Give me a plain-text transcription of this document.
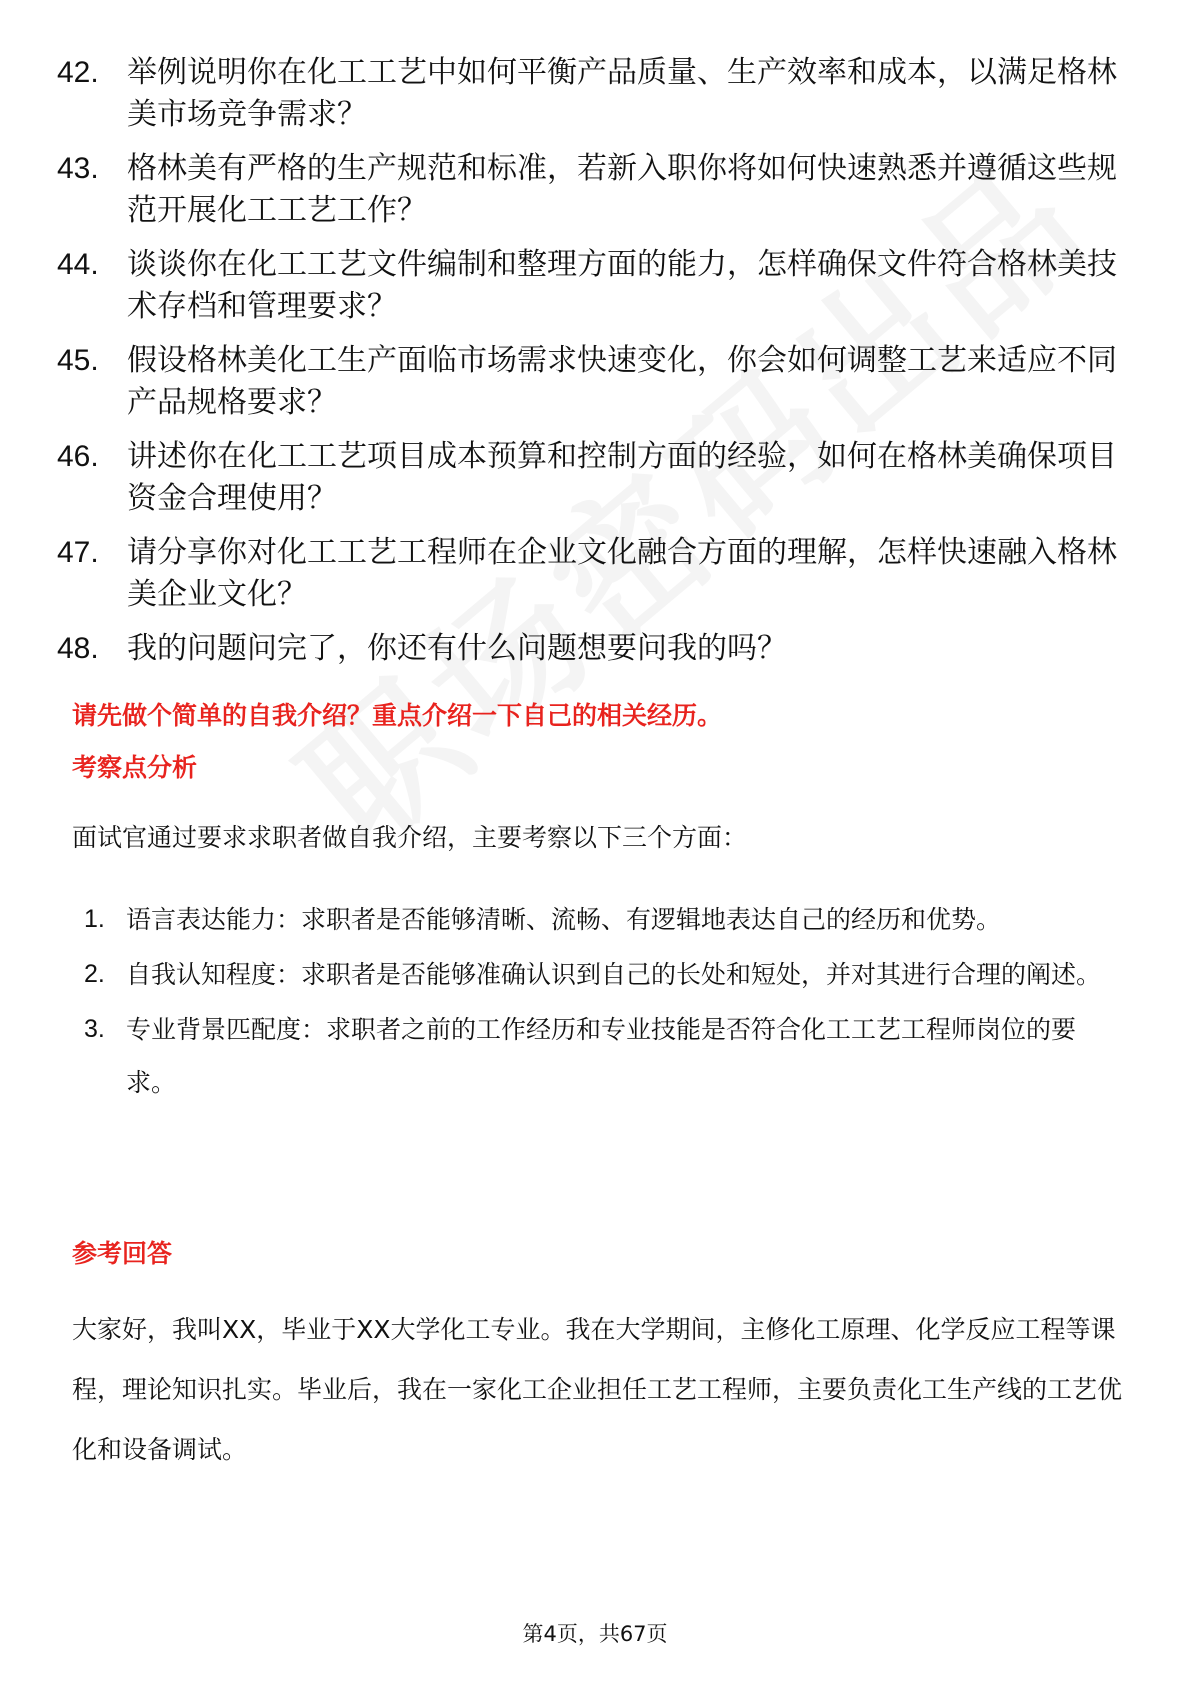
42. 举例说明你在化工工艺中如何平衡产品质量、生产效率和成本，以满足格林美市场竞争需求？
43. 格林美有严格的生产规范和标准，若新入职你将如何快速熟悉并遵循这些规范开展化工工艺工作？
44. 谈谈你在化工工艺文件编制和整理方面的能力，怎样确保文件符合格林美技术存档和管理要求？
45. 假设格林美化工生产面临市场需求快速变化，你会如何调整工艺来适应不同产品规格要求？
46. 讲述你在化工工艺项目成本预算和控制方面的经验，如何在格林美确保项目资金合理使用？
47. 请分享你对化工工艺工程师在企业文化融合方面的理解，怎样快速融入格林美企业文化？
48. 我的问题问完了，你还有什么问题想要问我的吗？
请先做个简单的自我介绍？重点介绍一下自己的相关经历。
考察点分析
面试官通过要求求职者做自我介绍，主要考察以下三个方面：
1. 语言表达能力：求职者是否能够清晰、流畅、有逻辑地表达自己的经历和优势。
2. 自我认知程度：求职者是否能够准确认识到自己的长处和短处，并对其进行合理的阐述。
3. 专业背景匹配度：求职者之前的工作经历和专业技能是否符合化工工艺工程师岗位的要求。
参考回答
大家好，我叫XX，毕业于XX大学化工专业。我在大学期间，主修化工原理、化学反应工程等课程，理论知识扎实。毕业后，我在一家化工企业担任工艺工程师，主要负责化工生产线的工艺优化和设备调试。
第4页，共67页
